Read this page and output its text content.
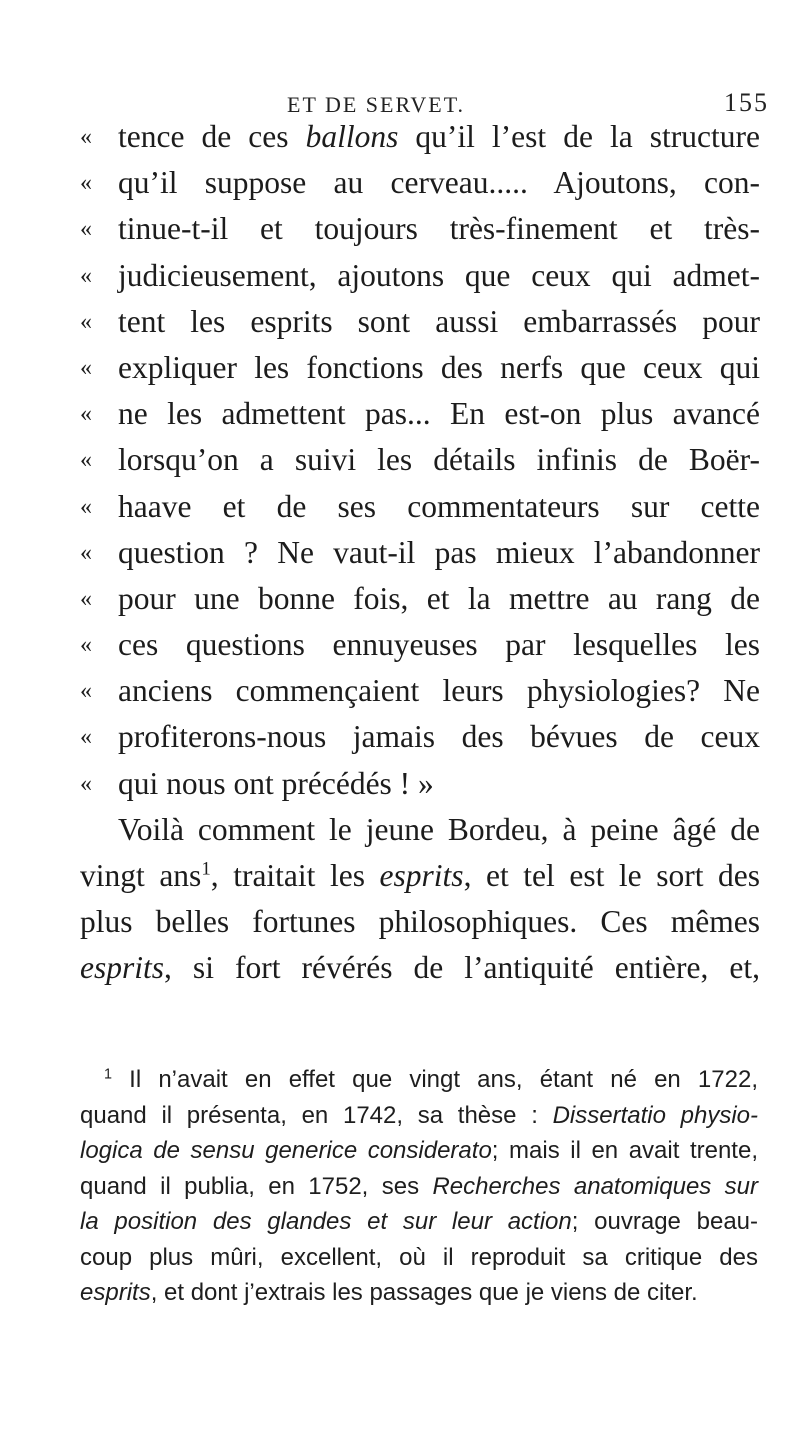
ET DE SERVET.	155
« tence de ces ballons qu’il l’est de la structure
« qu’il suppose au cerveau..... Ajoutons, con-
« tinue-t-il et toujours très-finement et très-
« judicieusement, ajoutons que ceux qui admet-
« tent les esprits sont aussi embarrassés pour
« expliquer les fonctions des nerfs que ceux qui
« ne les admettent pas... En est-on plus avancé
« lorsqu’on a suivi les détails infinis de Boër-
« haave et de ses commentateurs sur cette
« question ? Ne vaut-il pas mieux l’abandonner
« pour une bonne fois, et la mettre au rang de
« ces questions ennuyeuses par lesquelles les
« anciens commençaient leurs physiologies? Ne
« profiterons-nous jamais des bévues de ceux
« qui nous ont précédés ! »
Voilà comment le jeune Bordeu, à peine âgé de
vingt ans$^1$, traitait les esprits, et tel est le sort des
plus belles fortunes philosophiques. Ces mêmes
esprits, si fort révérés de l’antiquité entière, et,
$^1$ Il n’avait en effet que vingt ans, étant né en 1722,
quand il présenta, en 1742, sa thèse : Dissertatio physio-
logica de sensu generice considerato; mais il en avait trente,
quand il publia, en 1752, ses Recherches anatomiques sur
la position des glandes et sur leur action; ouvrage beau-
coup plus mûri, excellent, où il reproduit sa critique des
esprits, et dont j’extrais les passages que je viens de citer.
